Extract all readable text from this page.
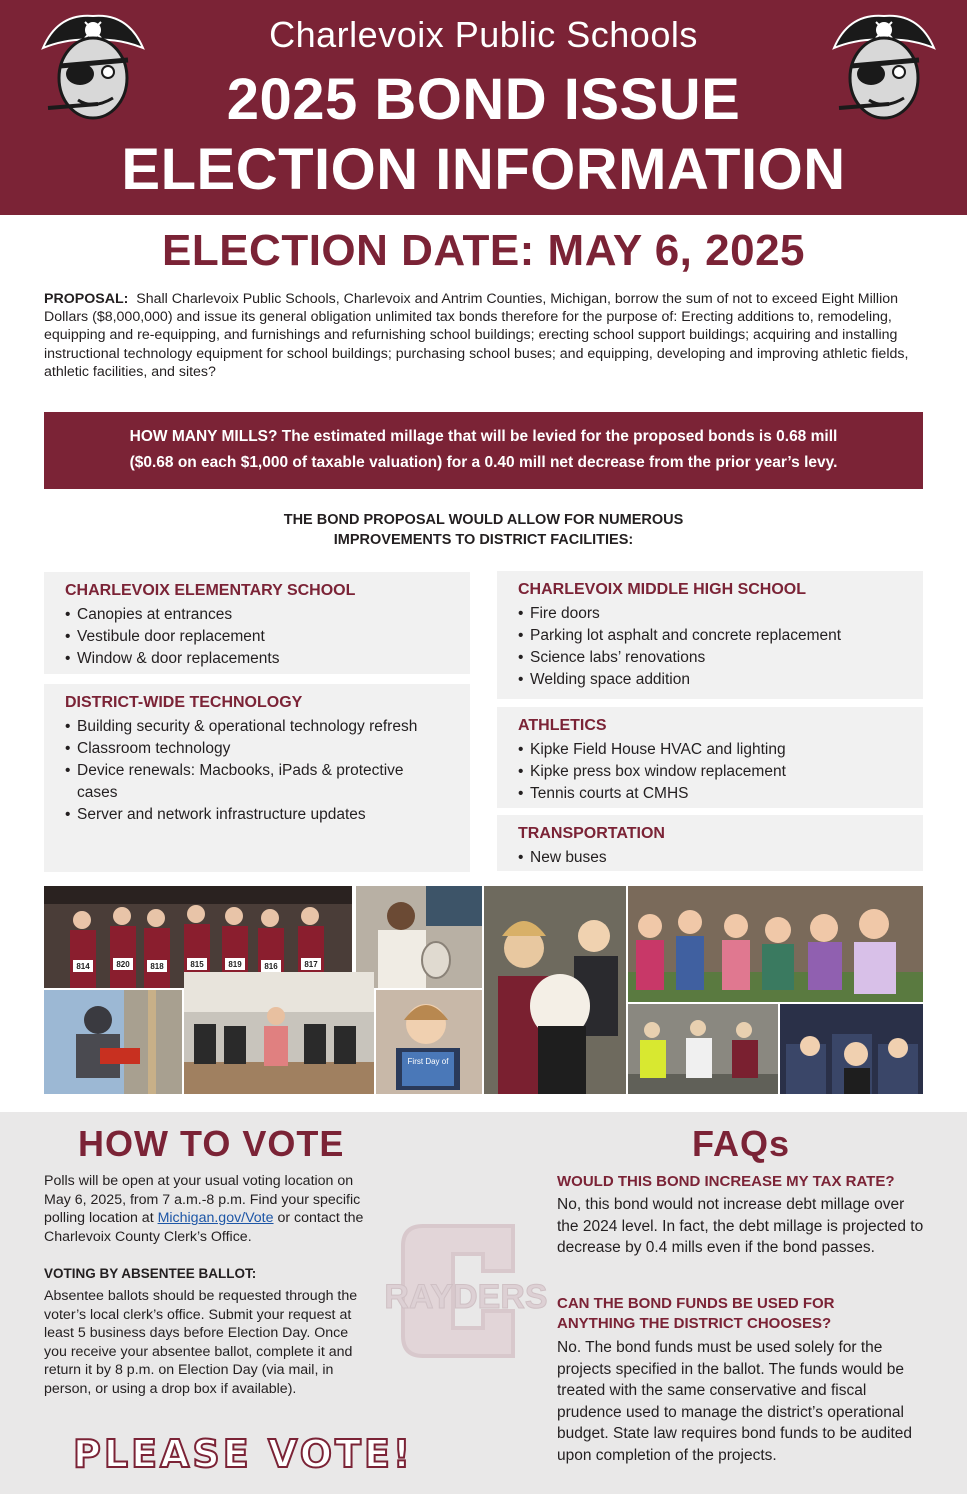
Charlevoix Public Schools
2025 BOND ISSUE
ELECTION INFORMATION
ELECTION DATE: MAY 6, 2025
PROPOSAL: Shall Charlevoix Public Schools, Charlevoix and Antrim Counties, Michigan, borrow the sum of not to exceed Eight Million Dollars ($8,000,000) and issue its general obligation unlimited tax bonds therefore for the purpose of: Erecting additions to, remodeling, equipping and re-equipping, and furnishings and refurnishing school buildings; erecting school support buildings; acquiring and installing instructional technology equipment for school buildings; purchasing school buses; and equipping, developing and improving athletic fields, athletic facilities, and sites?
HOW MANY MILLS? The estimated millage that will be levied for the proposed bonds is 0.68 mill
($0.68 on each $1,000 of taxable valuation) for a 0.40 mill net decrease from the prior year’s levy.
THE BOND PROPOSAL WOULD ALLOW FOR NUMEROUS
IMPROVEMENTS TO DISTRICT FACILITIES:
CHARLEVOIX ELEMENTARY SCHOOL
• Canopies at entrances
• Vestibule door replacement
• Window & door replacements
DISTRICT-WIDE TECHNOLOGY
• Building security & operational technology refresh
• Classroom technology
• Device renewals: Macbooks, iPads & protective cases
• Server and network infrastructure updates
CHARLEVOIX MIDDLE HIGH SCHOOL
• Fire doors
• Parking lot asphalt and concrete replacement
• Science labs’ renovations
• Welding space addition
ATHLETICS
• Kipke Field House HVAC and lighting
• Kipke press box window replacement
• Tennis courts at CMHS
TRANSPORTATION
• New buses
814	820	818	815	819	816	817
First Day of
RAYDERS
HOW TO VOTE	FAQs
Polls will be open at your usual voting location on May 6, 2025, from 7 a.m.-8 p.m. Find your specific polling location at Michigan.gov/Vote or contact the Charlevoix County Clerk’s Office.
VOTING BY ABSENTEE BALLOT:
Absentee ballots should be requested through the voter’s local clerk’s office. Submit your request at least 5 business days before Election Day. Once you receive your absentee ballot, complete it and return it by 8 p.m. on Election Day (via mail, in person, or using a drop box if available).
PLEASE VOTE!
WOULD THIS BOND INCREASE MY TAX RATE?
No, this bond would not increase debt millage over the 2024 level. In fact, the debt millage is projected to decrease by 0.4 mills even if the bond passes.
CAN THE BOND FUNDS BE USED FOR
ANYTHING THE DISTRICT CHOOSES?
No. The bond funds must be used solely for the projects specified in the ballot. The funds would be treated with the same conservative and fiscal prudence used to manage the district’s operational budget. State law requires bond funds to be audited upon completion of the projects.
